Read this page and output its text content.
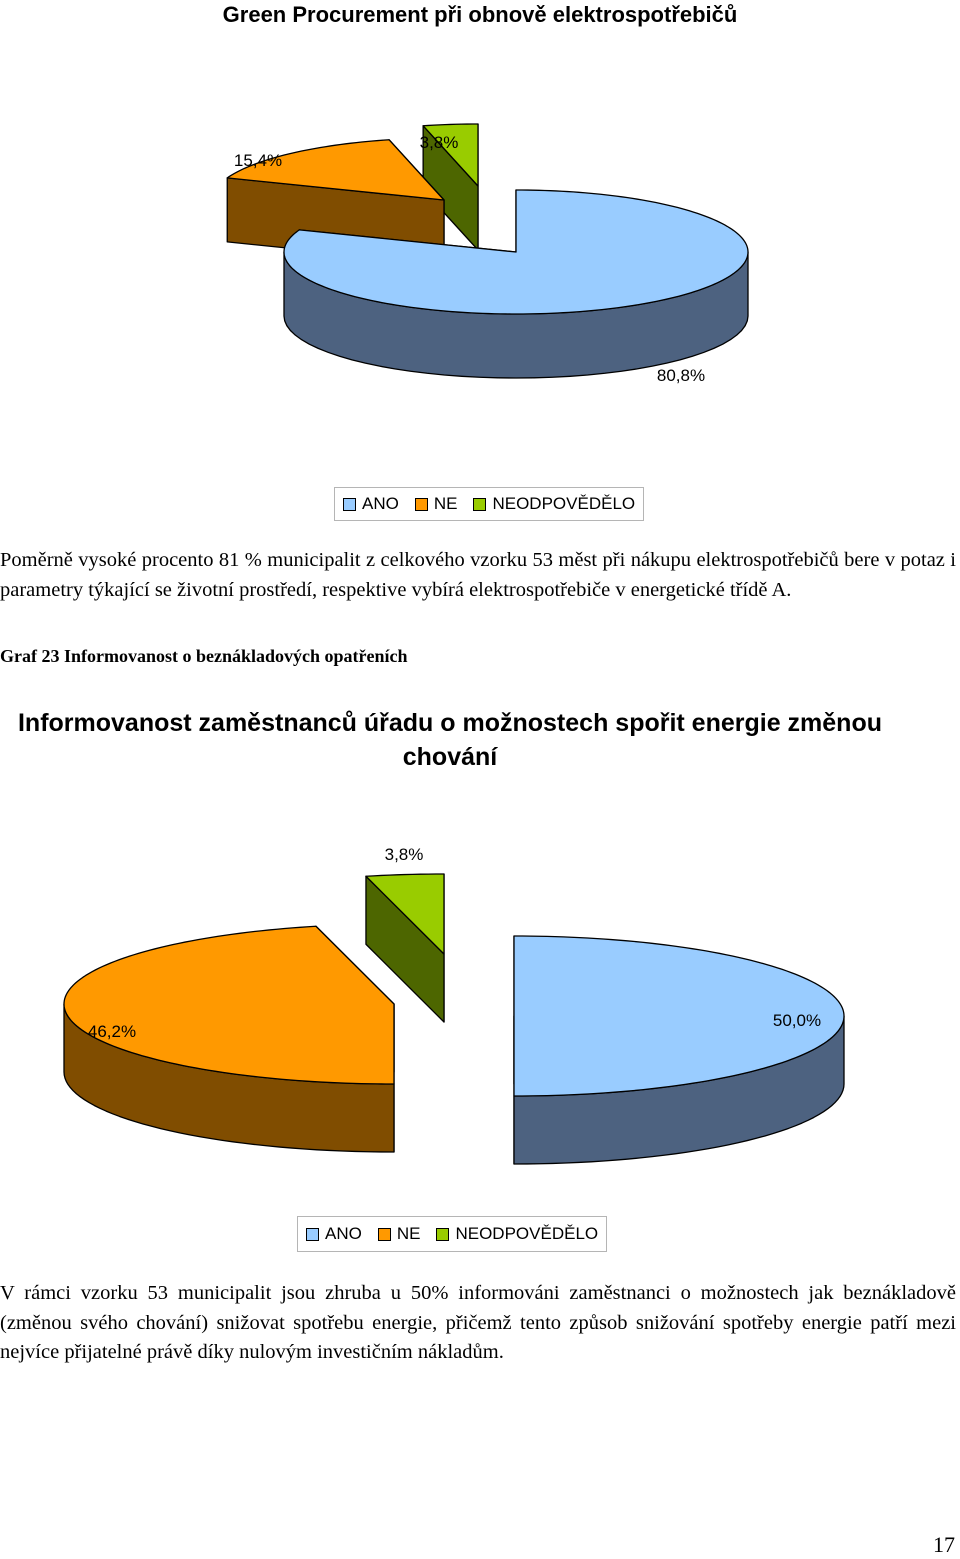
Green Procurement při obnově elektrospotřebičů
80,8%
15,4%
3,8%
ANO NE NEODPOVĚDĚLO

Poměrně vysoké procento 81 % municipalit z celkového vzorku 53 měst při nákupu elektrospotřebičů bere v potaz i parametry týkající se životní prostředí, respektive vybírá elektrospotřebiče v energetické třídě A.

Graf 23 Informovanost o beznákladových opatřeních
Informovanost zaměstnanců úřadu o možnostech spořit energie změnou chování
50,0%
46,2%
3,8%
ANO NE NEODPOVĚDĚLO

V rámci vzorku 53 municipalit jsou zhruba u 50% informováni zaměstnanci o možnostech jak beznákladově (změnou svého chování) snižovat spotřebu energie, přičemž tento způsob snižování spotřeby energie patří mezi nejvíce přijatelné právě díky nulovým investičním nákladům.

17
